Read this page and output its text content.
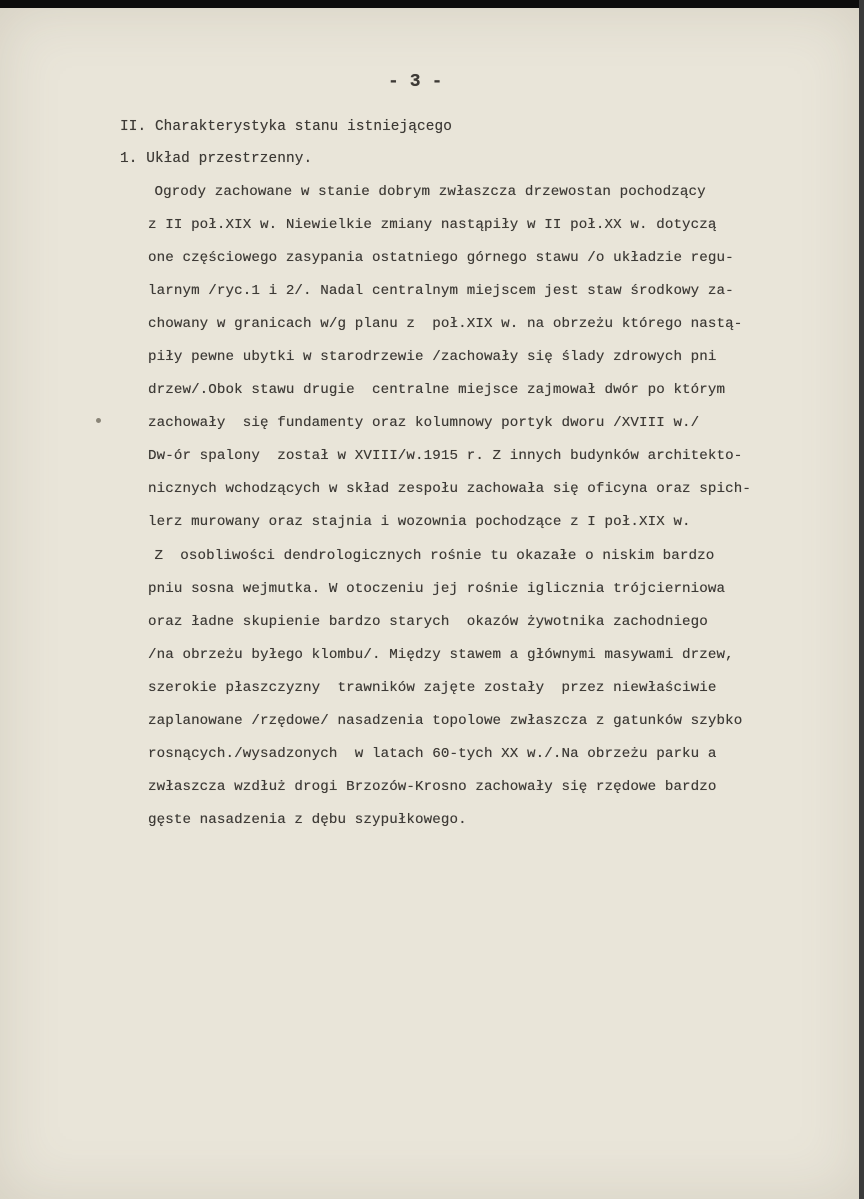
- 3 -
II. Charakterystyka stanu istniejącego
1. Układ przestrzenny.
Ogrody zachowane w stanie dobrym zwłaszcza drzewostan pochodzący
z II poł.XIX w. Niewielkie zmiany nastąpiły w II poł.XX w. dotyczą
one częściowego zasypania ostatniego górnego stawu /o układzie regu-
larnym /ryc.1 i 2/. Nadal centralnym miejscem jest staw środkowy za-
chowany w granicach w/g planu z  poł.XIX w. na obrzeżu którego nastą-
piły pewne ubytki w starodrzewie /zachowały się ślady zdrowych pni
drzew/.Obok stawu drugie  centralne miejsce zajmował dwór po którym
zachowały  się fundamenty oraz kolumnowy portyk dworu /XVIII w./
Dw-ór spalony  został w XVIII/w.1915 r. Z innych budynków architekto-
nicznych wchodzących w skład zespołu zachowała się oficyna oraz spich-
lerz murowany oraz stajnia i wozownia pochodzące z I poł.XIX w.
Z  osobliwości dendrologicznych rośnie tu okazałe o niskim bardzo
pniu sosna wejmutka. W otoczeniu jej rośnie iglicznia trójcierniowa
oraz ładne skupienie bardzo starych  okazów żywotnika zachodniego
/na obrzeżu byłego klombu/. Między stawem a głównymi masywami drzew,
szerokie płaszczyzny  trawników zajęte zostały  przez niewłaściwie
zaplanowane /rzędowe/ nasadzenia topolowe zwłaszcza z gatunków szybko
rosnących./wysadzonych  w latach 60-tych XX w./.Na obrzeżu parku a
zwłaszcza wzdłuż drogi Brzozów-Krosno zachowały się rzędowe bardzo
gęste nasadzenia z dębu szypułkowego.
